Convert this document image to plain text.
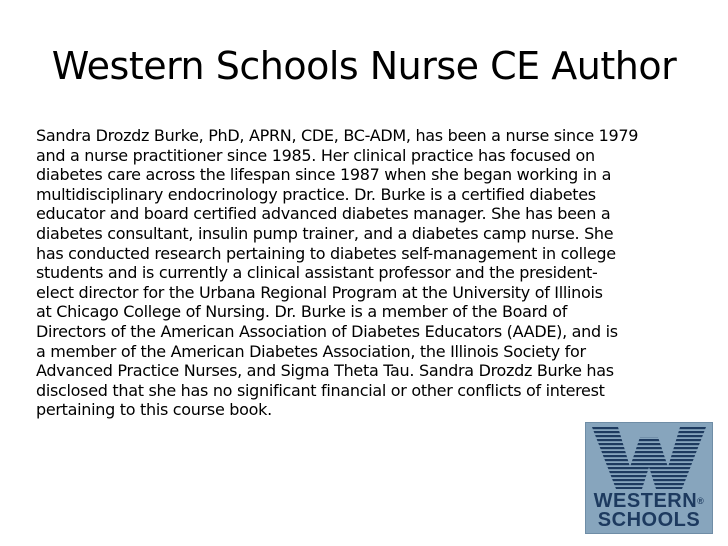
Western Schools Nurse CE Author

Sandra Drozdz Burke, PhD, APRN, CDE, BC-ADM, has been a nurse since 1979
and a nurse practitioner since 1985. Her clinical practice has focused on
diabetes care across the lifespan since 1987 when she began working in a
multidisciplinary endocrinology practice. Dr. Burke is a certified diabetes
educator and board certified advanced diabetes manager. She has been a
diabetes consultant, insulin pump trainer, and a diabetes camp nurse. She
has conducted research pertaining to diabetes self-management in college
students and is currently a clinical assistant professor and the president-
elect director for the Urbana Regional Program at the University of Illinois
at Chicago College of Nursing. Dr. Burke is a member of the Board of
Directors of the American Association of Diabetes Educators (AADE), and is
a member of the American Diabetes Association, the Illinois Society for
Advanced Practice Nurses, and Sigma Theta Tau. Sandra Drozdz Burke has
disclosed that she has no significant financial or other conflicts of interest
pertaining to this course book.

WESTERN®
SCHOOLS
